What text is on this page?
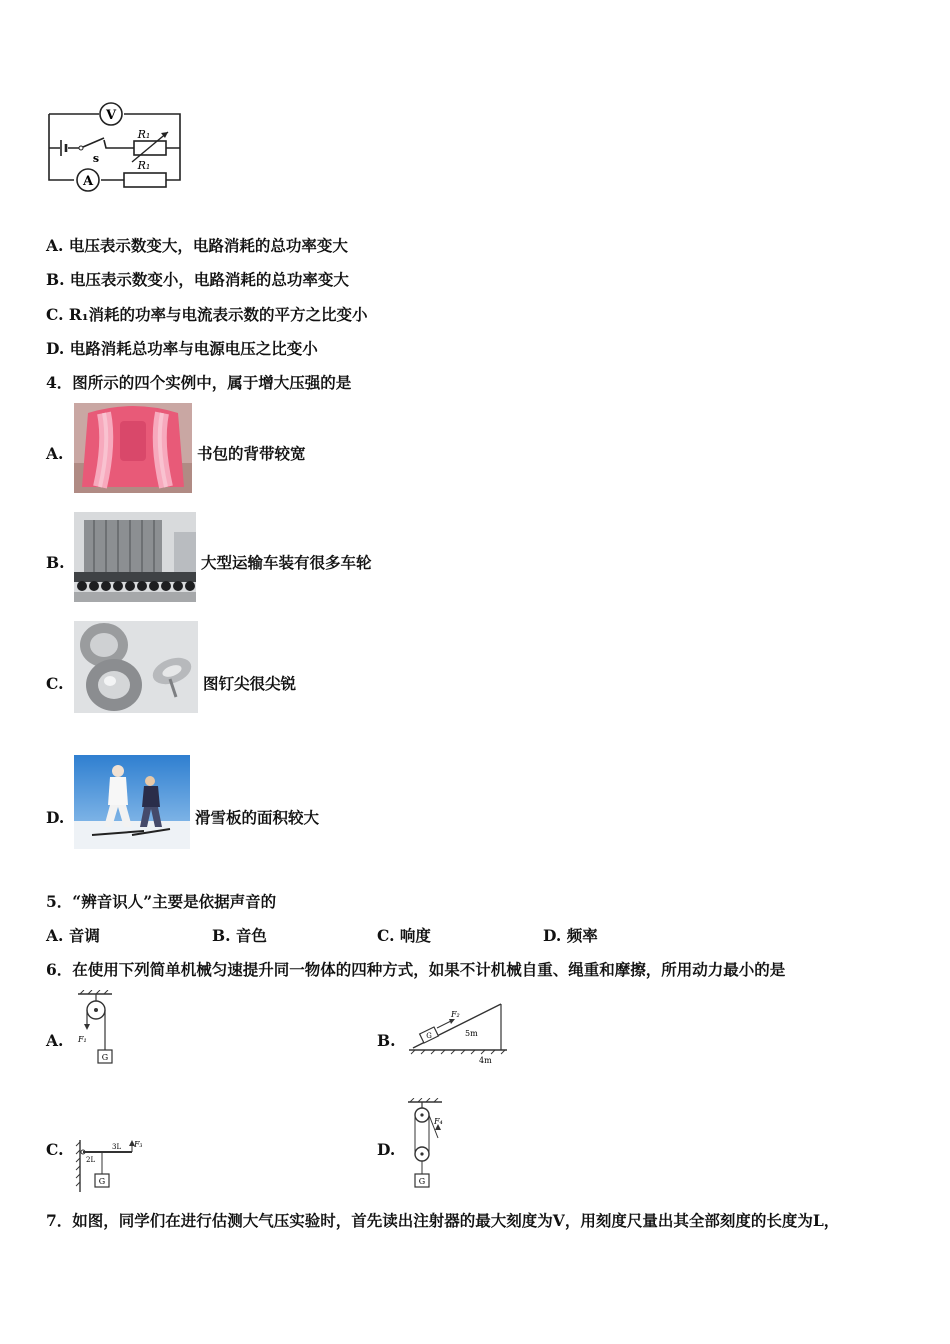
V
s
R₁
A
R₁
A. 电压表示数变大，电路消耗的总功率变大
B. 电压表示数变小，电路消耗的总功率变大
C. R₁消耗的功率与电流表示数的平方之比变小
D. 电路消耗总功率与电源电压之比变小
4．图所示的四个实例中，属于增大压强的是
A.	书包的背带较宽
B.	大型运输车装有很多车轮
C.	图钉尖很尖锐
D.	滑雪板的面积较大
5．“辨音识人”主要是依据声音的
A. 音调	B. 音色	C. 响度	D. 频率
6．在使用下列简单机械匀速提升同一物体的四种方式，如果不计机械自重、绳重和摩擦，所用动力最小的是
A. F₁
G
B.	G
F₂
5m
4m
C.	F₃
3L
2L
G
D.
F₄
G
7．如图，同学们在进行估测大气压实验时，首先读出注射器的最大刻度为V，用刻度尺量出其全部刻度的长度为L，
